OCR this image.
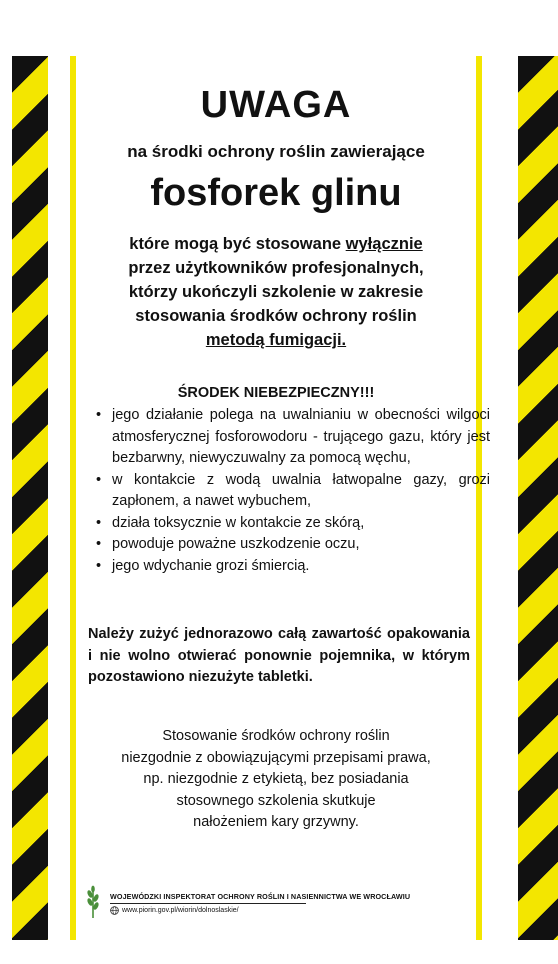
UWAGA
na środki ochrony roślin zawierające
fosforek glinu
które mogą być stosowane wyłącznie
przez użytkowników profesjonalnych,
którzy ukończyli szkolenie w zakresie
stosowania środków ochrony roślin
metodą fumigacji.
ŚRODEK NIEBEZPIECZNY!!!
• jego działanie polega na uwalnianiu w obecności wilgoci atmosferycznej fosforowodoru - trującego gazu, który jest bezbarwny, niewyczuwalny za pomocą węchu,
• w kontakcie z wodą uwalnia łatwopalne gazy, grozi zapłonem, a nawet wybuchem,
• działa toksycznie w kontakcie ze skórą,
• powoduje poważne uszkodzenie oczu,
• jego wdychanie grozi śmiercią.
Należy zużyć jednorazowo całą zawartość opakowania i nie wolno otwierać ponownie pojemnika, w którym pozostawiono niezużyte tabletki.
Stosowanie środków ochrony roślin
niezgodnie z obowiązującymi przepisami prawa,
np. niezgodnie z etykietą, bez posiadania
stosownego szkolenia skutkuje
nałożeniem kary grzywny.
WOJEWÓDZKI INSPEKTORAT OCHRONY ROŚLIN I NASIENNICTWA WE WROCŁAWIU
www.piorin.gov.pl/wiorin/dolnoslaskie/
